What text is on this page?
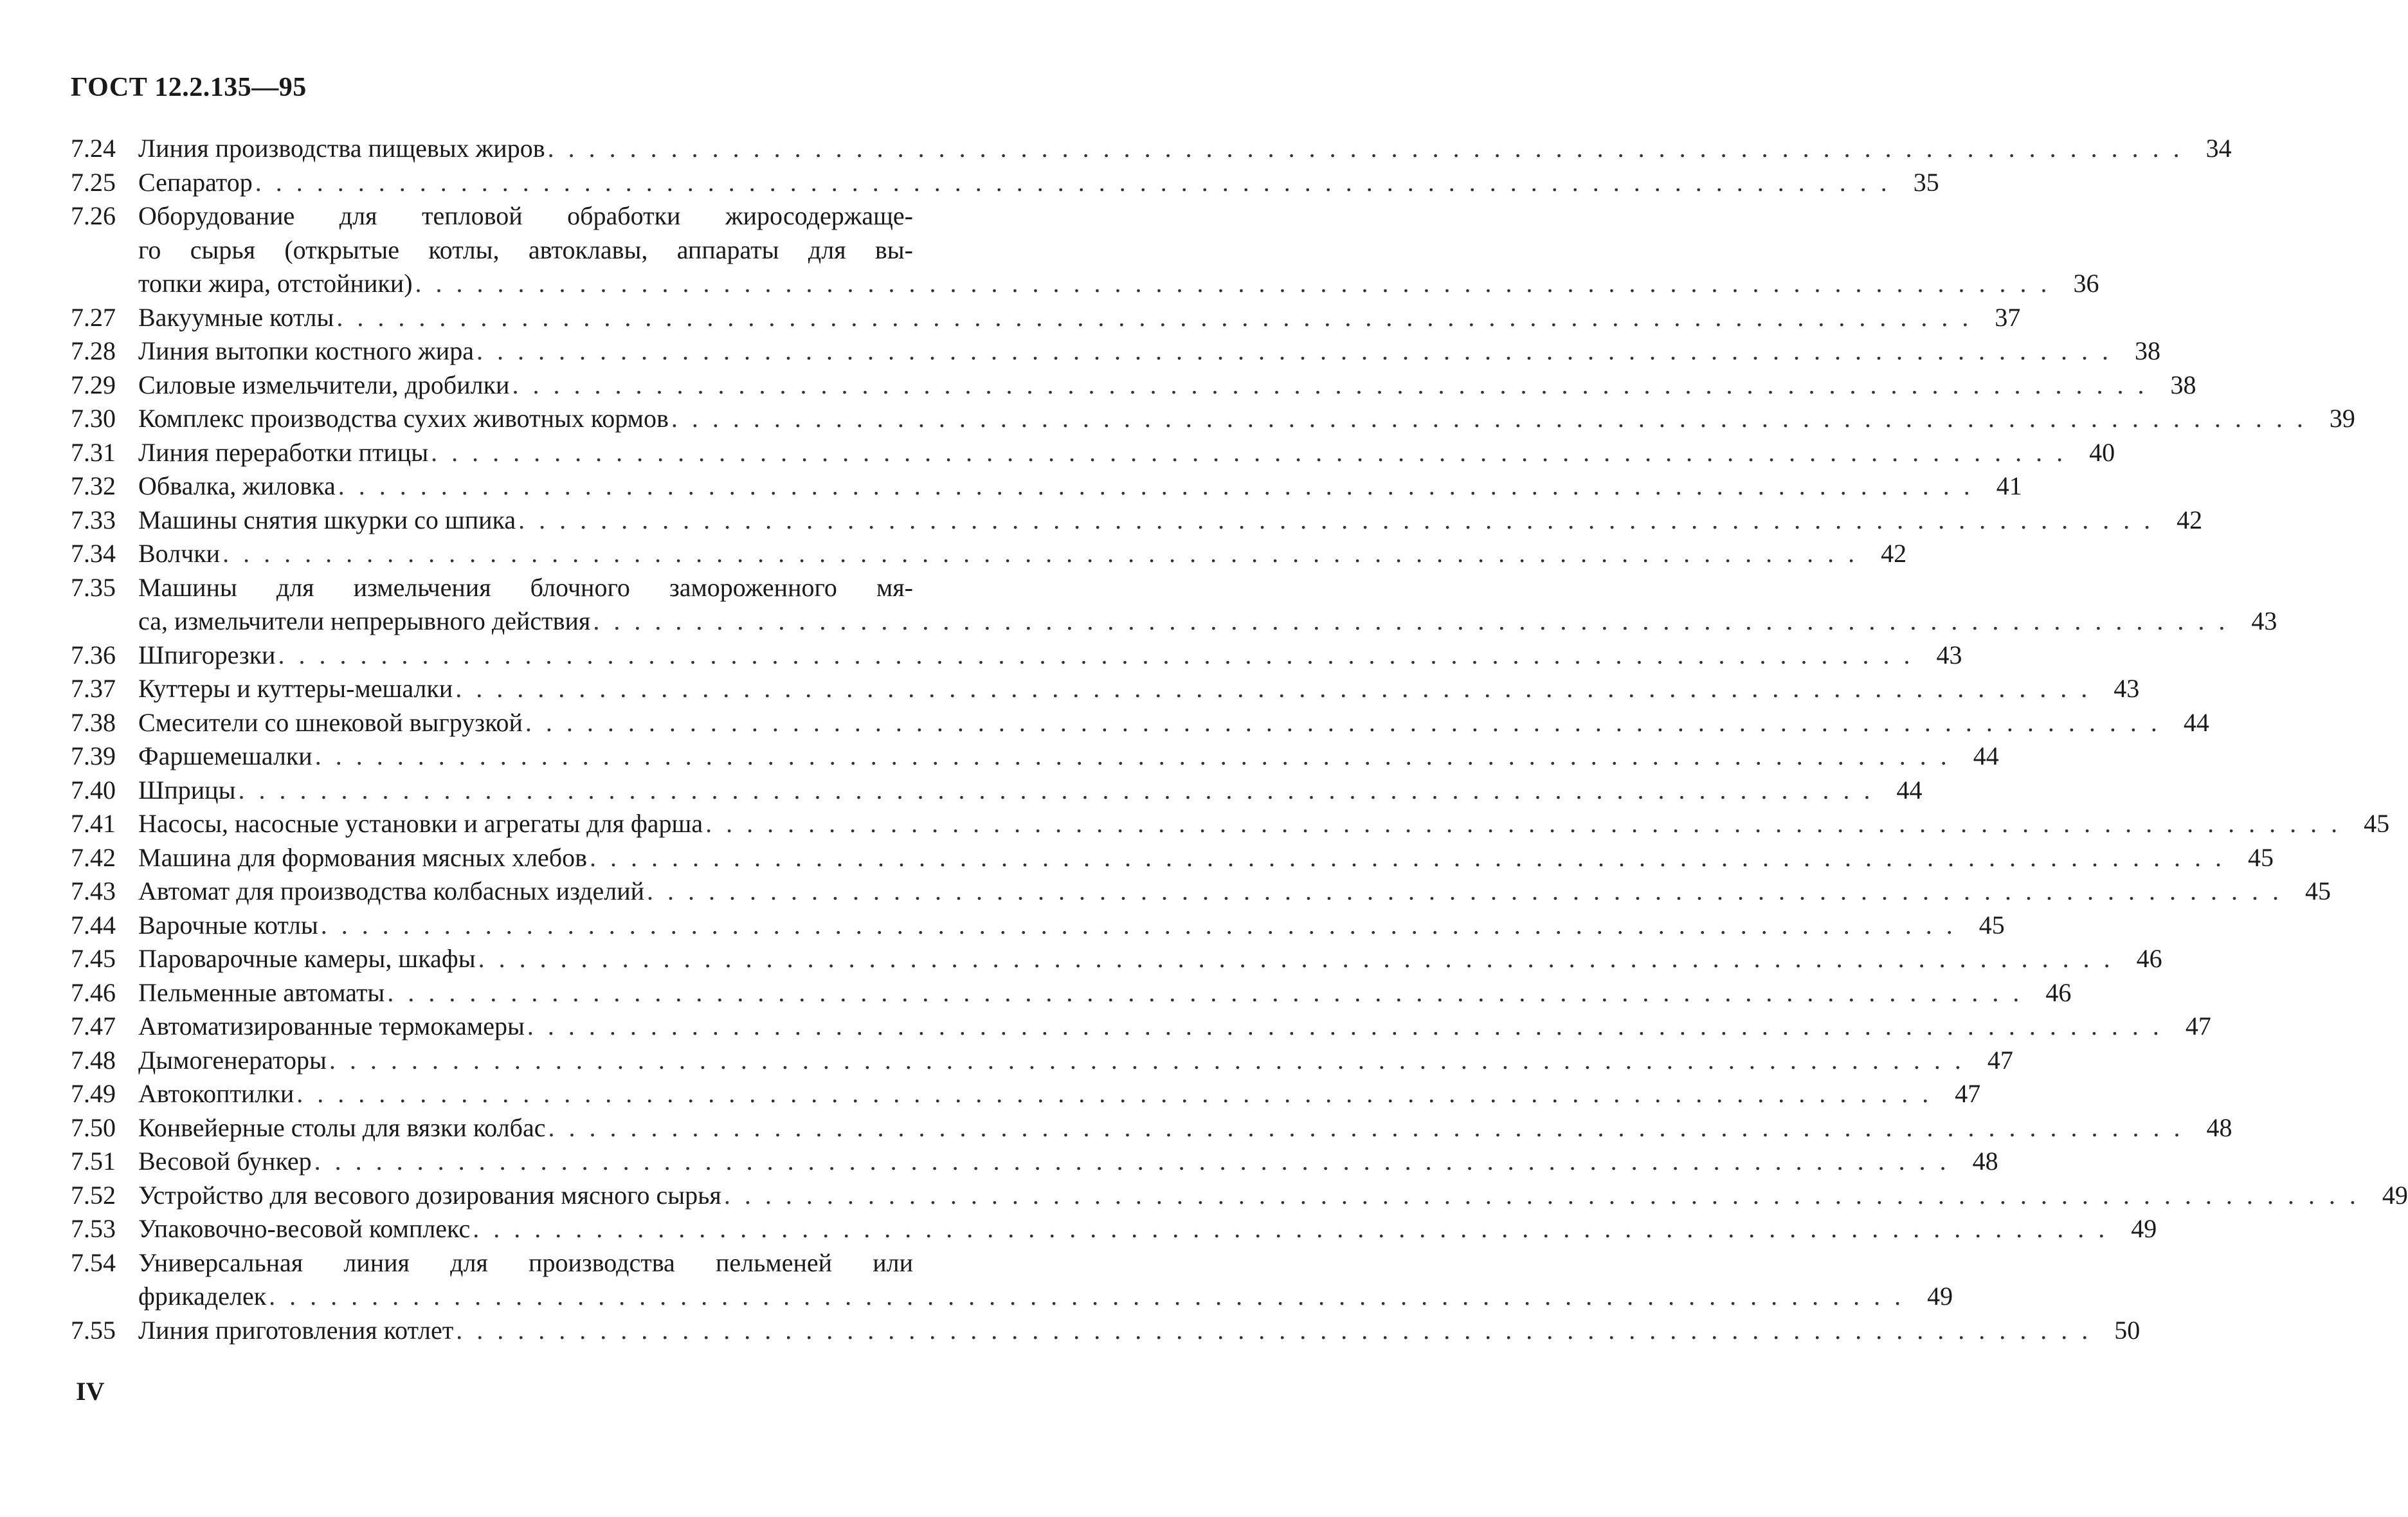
ГОСТ 12.2.135—95
7.24 Линия производства пищевых жиров . . . . . . . . . . . . . . . . . . . . . . . . . . . . . . . . . . . . . . . . . . . . . . . . . . . . . . . . . . . . . . . . . . . . . . . . . . . . . . . . 34
7.25 Сепаратор . . . . . . . . . . . . . . . . . . . . . . . . . . . . . . . . . . . . . . . . . . . . . . . . . . . . . . . . . . . . . . . . . . . . . . . . . . . . . . . . 35
7.26 Оборудование для тепловой обработки жиросодержаще-
го сырья (открытые котлы, автоклавы, аппараты для вы-
топки жира, отстойники) . . . . . . . . . . . . . . . . . . . . . . . . . . . . . . . . . . . . . . . . . . . . . . . . . . . . . . . . . . . . . . . . . . . . . . . . . . . . . . . . 36
7.27 Вакуумные котлы . . . . . . . . . . . . . . . . . . . . . . . . . . . . . . . . . . . . . . . . . . . . . . . . . . . . . . . . . . . . . . . . . . . . . . . . . . . . . . . . 37
7.28 Линия вытопки костного жира . . . . . . . . . . . . . . . . . . . . . . . . . . . . . . . . . . . . . . . . . . . . . . . . . . . . . . . . . . . . . . . . . . . . . . . . . . . . . . . . 38
7.29 Силовые измельчители, дробилки . . . . . . . . . . . . . . . . . . . . . . . . . . . . . . . . . . . . . . . . . . . . . . . . . . . . . . . . . . . . . . . . . . . . . . . . . . . . . . . . 38
7.30 Комплекс производства сухих животных кормов . . . . . . . . . . . . . . . . . . . . . . . . . . . . . . . . . . . . . . . . . . . . . . . . . . . . . . . . . . . . . . . . . . . . . . . . . . . . . . . . 39
7.31 Линия переработки птицы . . . . . . . . . . . . . . . . . . . . . . . . . . . . . . . . . . . . . . . . . . . . . . . . . . . . . . . . . . . . . . . . . . . . . . . . . . . . . . . . 40
7.32 Обвалка, жиловка . . . . . . . . . . . . . . . . . . . . . . . . . . . . . . . . . . . . . . . . . . . . . . . . . . . . . . . . . . . . . . . . . . . . . . . . . . . . . . . . 41
7.33 Машины снятия шкурки со шпика . . . . . . . . . . . . . . . . . . . . . . . . . . . . . . . . . . . . . . . . . . . . . . . . . . . . . . . . . . . . . . . . . . . . . . . . . . . . . . . . 42
7.34 Волчки . . . . . . . . . . . . . . . . . . . . . . . . . . . . . . . . . . . . . . . . . . . . . . . . . . . . . . . . . . . . . . . . . . . . . . . . . . . . . . . . 42
7.35 Машины для измельчения блочного замороженного мя-
са, измельчители непрерывного действия . . . . . . . . . . . . . . . . . . . . . . . . . . . . . . . . . . . . . . . . . . . . . . . . . . . . . . . . . . . . . . . . . . . . . . . . . . . . . . . . 43
7.36 Шпигорезки . . . . . . . . . . . . . . . . . . . . . . . . . . . . . . . . . . . . . . . . . . . . . . . . . . . . . . . . . . . . . . . . . . . . . . . . . . . . . . . . 43
7.37 Куттеры и куттеры-мешалки . . . . . . . . . . . . . . . . . . . . . . . . . . . . . . . . . . . . . . . . . . . . . . . . . . . . . . . . . . . . . . . . . . . . . . . . . . . . . . . . 43
7.38 Смесители со шнековой выгрузкой . . . . . . . . . . . . . . . . . . . . . . . . . . . . . . . . . . . . . . . . . . . . . . . . . . . . . . . . . . . . . . . . . . . . . . . . . . . . . . . . 44
7.39 Фаршемешалки . . . . . . . . . . . . . . . . . . . . . . . . . . . . . . . . . . . . . . . . . . . . . . . . . . . . . . . . . . . . . . . . . . . . . . . . . . . . . . . . 44
7.40 Шприцы . . . . . . . . . . . . . . . . . . . . . . . . . . . . . . . . . . . . . . . . . . . . . . . . . . . . . . . . . . . . . . . . . . . . . . . . . . . . . . . . 44
7.41 Насосы, насосные установки и агрегаты для фарша . . . . . . . . . . . . . . . . . . . . . . . . . . . . . . . . . . . . . . . . . . . . . . . . . . . . . . . . . . . . . . . . . . . . . . . . . . . . . . . . 45
7.42 Машина для формования мясных хлебов . . . . . . . . . . . . . . . . . . . . . . . . . . . . . . . . . . . . . . . . . . . . . . . . . . . . . . . . . . . . . . . . . . . . . . . . . . . . . . . . 45
7.43 Автомат для производства колбасных изделий . . . . . . . . . . . . . . . . . . . . . . . . . . . . . . . . . . . . . . . . . . . . . . . . . . . . . . . . . . . . . . . . . . . . . . . . . . . . . . . . 45
7.44 Варочные котлы . . . . . . . . . . . . . . . . . . . . . . . . . . . . . . . . . . . . . . . . . . . . . . . . . . . . . . . . . . . . . . . . . . . . . . . . . . . . . . . . 45
7.45 Пароварочные камеры, шкафы . . . . . . . . . . . . . . . . . . . . . . . . . . . . . . . . . . . . . . . . . . . . . . . . . . . . . . . . . . . . . . . . . . . . . . . . . . . . . . . . 46
7.46 Пельменные автоматы . . . . . . . . . . . . . . . . . . . . . . . . . . . . . . . . . . . . . . . . . . . . . . . . . . . . . . . . . . . . . . . . . . . . . . . . . . . . . . . . 46
7.47 Автоматизированные термокамеры . . . . . . . . . . . . . . . . . . . . . . . . . . . . . . . . . . . . . . . . . . . . . . . . . . . . . . . . . . . . . . . . . . . . . . . . . . . . . . . . 47
7.48 Дымогенераторы . . . . . . . . . . . . . . . . . . . . . . . . . . . . . . . . . . . . . . . . . . . . . . . . . . . . . . . . . . . . . . . . . . . . . . . . . . . . . . . . 47
7.49 Автокоптилки . . . . . . . . . . . . . . . . . . . . . . . . . . . . . . . . . . . . . . . . . . . . . . . . . . . . . . . . . . . . . . . . . . . . . . . . . . . . . . . . 47
7.50 Конвейерные столы для вязки колбас . . . . . . . . . . . . . . . . . . . . . . . . . . . . . . . . . . . . . . . . . . . . . . . . . . . . . . . . . . . . . . . . . . . . . . . . . . . . . . . . 48
7.51 Весовой бункер . . . . . . . . . . . . . . . . . . . . . . . . . . . . . . . . . . . . . . . . . . . . . . . . . . . . . . . . . . . . . . . . . . . . . . . . . . . . . . . . 48
7.52 Устройство для весового дозирования мясного сырья . . . . . . . . . . . . . . . . . . . . . . . . . . . . . . . . . . . . . . . . . . . . . . . . . . . . . . . . . . . . . . . . . . . . . . . . . . . . . . . . 49
7.53 Упаковочно-весовой комплекс . . . . . . . . . . . . . . . . . . . . . . . . . . . . . . . . . . . . . . . . . . . . . . . . . . . . . . . . . . . . . . . . . . . . . . . . . . . . . . . . 49
7.54 Универсальная линия для производства пельменей или
фрикаделек . . . . . . . . . . . . . . . . . . . . . . . . . . . . . . . . . . . . . . . . . . . . . . . . . . . . . . . . . . . . . . . . . . . . . . . . . . . . . . . . 49
7.55 Линия приготовления котлет . . . . . . . . . . . . . . . . . . . . . . . . . . . . . . . . . . . . . . . . . . . . . . . . . . . . . . . . . . . . . . . . . . . . . . . . . . . . . . . . 50
IV
